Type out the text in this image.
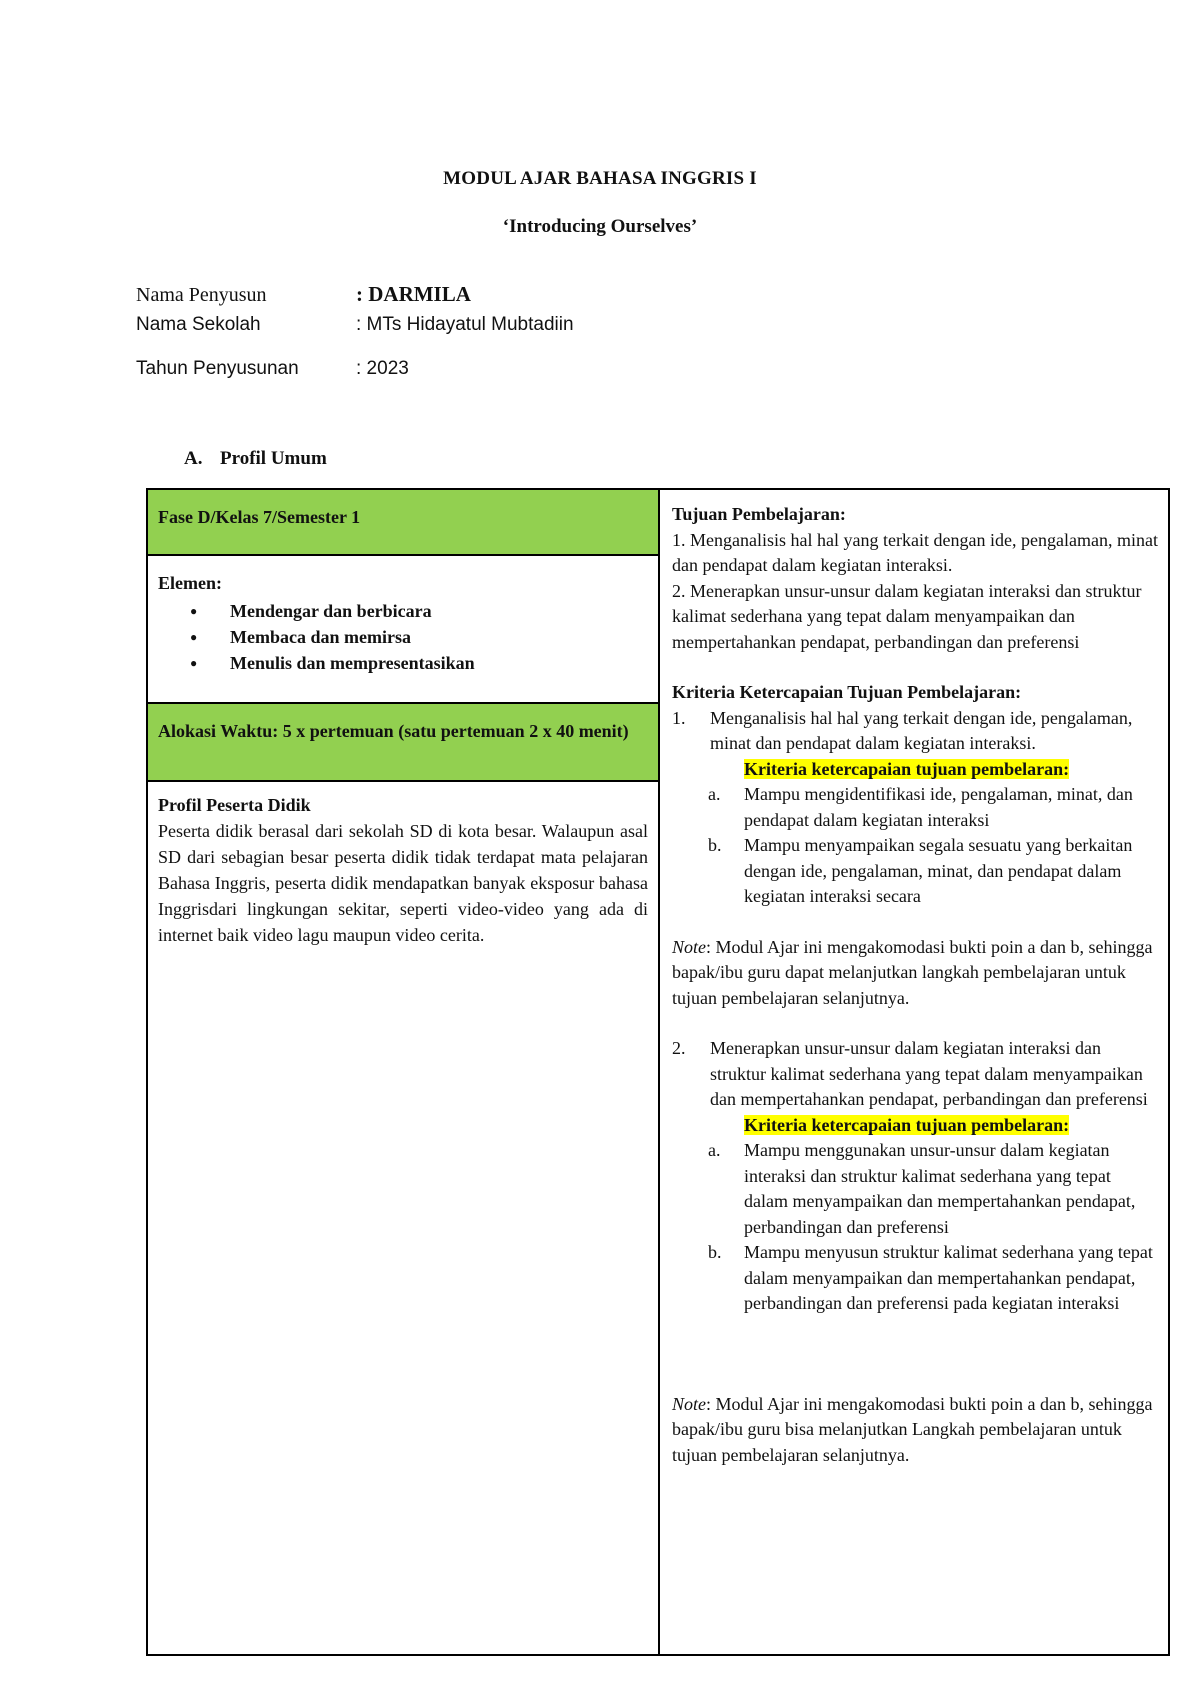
MODUL AJAR BAHASA INGGRIS I
‘Introducing Ourselves’
Nama Penyusun	: DARMILA
Nama Sekolah	: MTs Hidayatul Mubtadiin
Tahun Penyusunan	: 2023
A. Profil Umum
Fase D/Kelas 7/Semester 1
Elemen:
● Mendengar dan berbicara
● Membaca dan memirsa
● Menulis dan mempresentasikan
Alokasi Waktu: 5 x pertemuan (satu pertemuan 2 x 40 menit)
Profil Peserta Didik
Peserta didik berasal dari sekolah SD di kota besar. Walaupun asal SD dari sebagian besar peserta didik tidak terdapat mata pelajaran Bahasa Inggris, peserta didik mendapatkan banyak eksposur bahasa Inggrisdari lingkungan sekitar, seperti video-video yang ada di internet baik video lagu maupun video cerita.
Tujuan Pembelajaran:
1. Menganalisis hal hal yang terkait dengan ide, pengalaman, minat dan pendapat dalam kegiatan interaksi.
2. Menerapkan unsur-unsur dalam kegiatan interaksi dan struktur kalimat sederhana yang tepat dalam menyampaikan dan mempertahankan pendapat, perbandingan dan preferensi
Kriteria Ketercapaian Tujuan Pembelajaran:
1. Menganalisis hal hal yang terkait dengan ide, pengalaman, minat dan pendapat dalam kegiatan interaksi.
Kriteria ketercapaian tujuan pembelaran:
a. Mampu mengidentifikasi ide, pengalaman, minat, dan pendapat dalam kegiatan interaksi
b. Mampu menyampaikan segala sesuatu yang berkaitan dengan ide, pengalaman, minat, dan pendapat dalam kegiatan interaksi secara
Note: Modul Ajar ini mengakomodasi bukti poin a dan b, sehingga bapak/ibu guru dapat melanjutkan langkah pembelajaran untuk tujuan pembelajaran selanjutnya.
2. Menerapkan unsur-unsur dalam kegiatan interaksi dan struktur kalimat sederhana yang tepat dalam menyampaikan dan mempertahankan pendapat, perbandingan dan preferensi
Kriteria ketercapaian tujuan pembelaran:
a. Mampu menggunakan unsur-unsur dalam kegiatan interaksi dan struktur kalimat sederhana yang tepat dalam menyampaikan dan mempertahankan pendapat, perbandingan dan preferensi
b. Mampu menyusun struktur kalimat sederhana yang tepat dalam menyampaikan dan mempertahankan pendapat, perbandingan dan preferensi pada kegiatan interaksi
Note: Modul Ajar ini mengakomodasi bukti poin a dan b, sehingga bapak/ibu guru bisa melanjutkan Langkah pembelajaran untuk tujuan pembelajaran selanjutnya.
